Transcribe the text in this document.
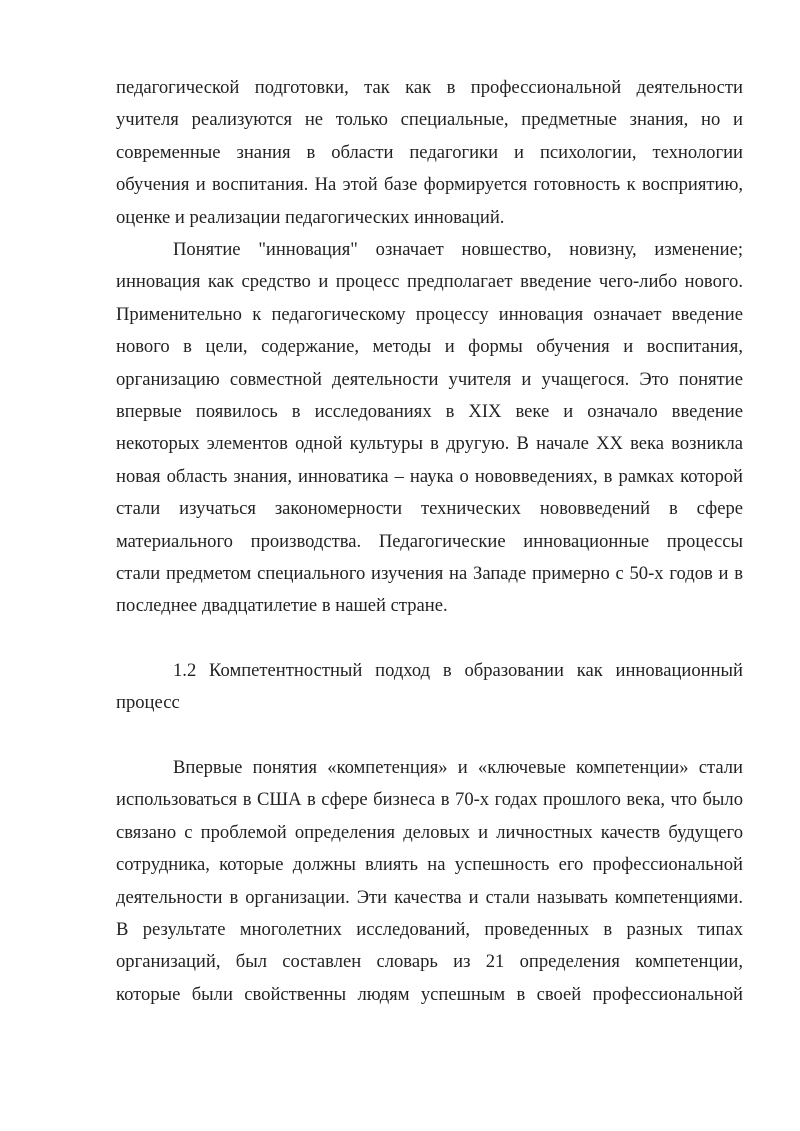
педагогической подготовки, так как в профессиональной деятельности
учителя реализуются не только специальные, предметные знания, но и
современные знания в области педагогики и психологии, технологии
обучения и воспитания. На этой базе формируется готовность к восприятию,
оценке и реализации педагогических инноваций.
Понятие "инновация" означает новшество, новизну, изменение;
инновация как средство и процесс предполагает введение чего-либо нового.
Применительно к педагогическому процессу инновация означает введение
нового в цели, содержание, методы и формы обучения и воспитания,
организацию совместной деятельности учителя и учащегося. Это понятие
впервые появилось в исследованиях в XIX веке и означало введение
некоторых элементов одной культуры в другую. В начале XX века возникла
новая область знания, инноватика – наука о нововведениях, в рамках которой
стали изучаться закономерности технических нововведений в сфере
материального производства. Педагогические инновационные процессы
стали предметом специального изучения на Западе примерно с 50-х годов и в
последнее двадцатилетие в нашей стране.
1.2 Компетентностный подход в образовании как инновационный
процесс
Впервые понятия «компетенция» и «ключевые компетенции» стали
использоваться в США в сфере бизнеса в 70-х годах прошлого века, что было
связано с проблемой определения деловых и личностных качеств будущего
сотрудника, которые должны влиять на успешность его профессиональной
деятельности в организации. Эти качества и стали называть компетенциями.
В результате многолетних исследований, проведенных в разных типах
организаций, был составлен словарь из 21 определения компетенции,
которые были свойственны людям успешным в своей профессиональной
